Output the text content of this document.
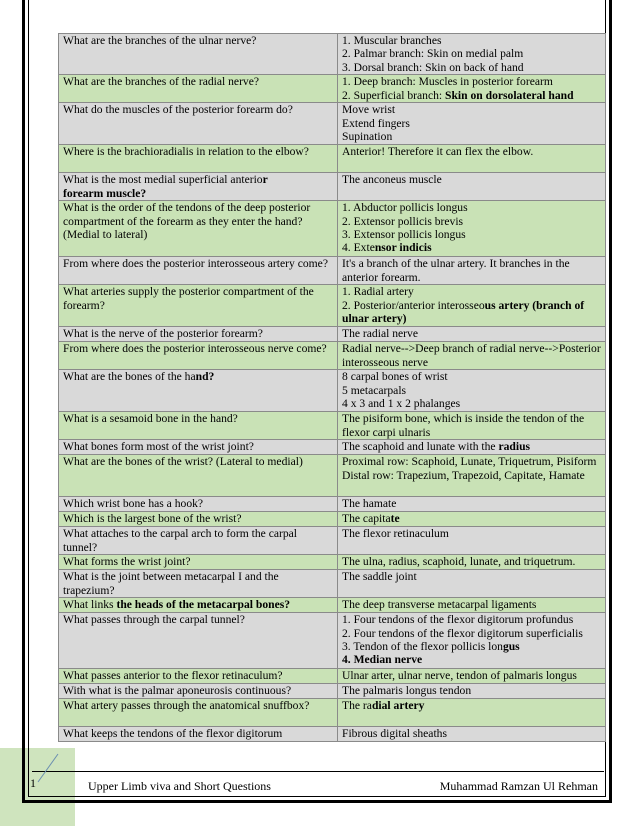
What are the branches of the ulnar nerve?	1. Muscular branches
2. Palmar branch: Skin on medial palm
3. Dorsal branch: Skin on back of hand
What are the branches of the radial nerve?	1. Deep branch: Muscles in posterior forearm
2. Superficial branch: Skin on dorsolateral hand
What do the muscles of the posterior forearm do?	Move wrist
Extend fingers
Supination
Where is the brachioradialis in relation to the elbow?	Anterior! Therefore it can flex the elbow.
What is the most medial superficial anterior
forearm muscle?	The anconeus muscle
What is the order of the tendons of the deep posterior compartment of the forearm as they enter the hand? (Medial to lateral)	1. Abductor pollicis longus
2. Extensor pollicis brevis
3. Extensor pollicis longus
4. Extensor indicis
From where does the posterior interosseous artery come?	It's a branch of the ulnar artery. It branches in the anterior forearm.
What arteries supply the posterior compartment of the forearm?	1. Radial artery
2. Posterior/anterior interosseous artery (branch of ulnar artery)
What is the nerve of the posterior forearm?	The radial nerve
From where does the posterior interosseous nerve come?	Radial nerve-->Deep branch of radial nerve-->Posterior interosseous nerve
What are the bones of the hand?	8 carpal bones of wrist
5 metacarpals
4 x 3 and 1 x 2 phalanges
What is a sesamoid bone in the hand?	The pisiform bone, which is inside the tendon of the flexor carpi ulnaris
What bones form most of the wrist joint?	The scaphoid and lunate with the radius
What are the bones of the wrist? (Lateral to medial)	Proximal row: Scaphoid, Lunate, Triquetrum, Pisiform
Distal row: Trapezium, Trapezoid, Capitate, Hamate
Which wrist bone has a hook?	The hamate
Which is the largest bone of the wrist?	The capitate
What attaches to the carpal arch to form the carpal tunnel?	The flexor retinaculum
What forms the wrist joint?	The ulna, radius, scaphoid, lunate, and triquetrum.
What is the joint between metacarpal I and the trapezium?	The saddle joint
What links the heads of the metacarpal bones?	The deep transverse metacarpal ligaments
What passes through the carpal tunnel?	1. Four tendons of the flexor digitorum profundus
2. Four tendons of the flexor digitorum superficialis
3. Tendon of the flexor pollicis longus
4. Median nerve
What passes anterior to the flexor retinaculum?	Ulnar arter, ulnar nerve, tendon of palmaris longus
With what is the palmar aponeurosis continuous?	The palmaris longus tendon
What artery passes through the anatomical snuffbox?	The radial artery
What keeps the tendons of the flexor digitorum	Fibrous digital sheaths
1	Upper Limb viva and Short Questions	Muhammad Ramzan Ul Rehman
